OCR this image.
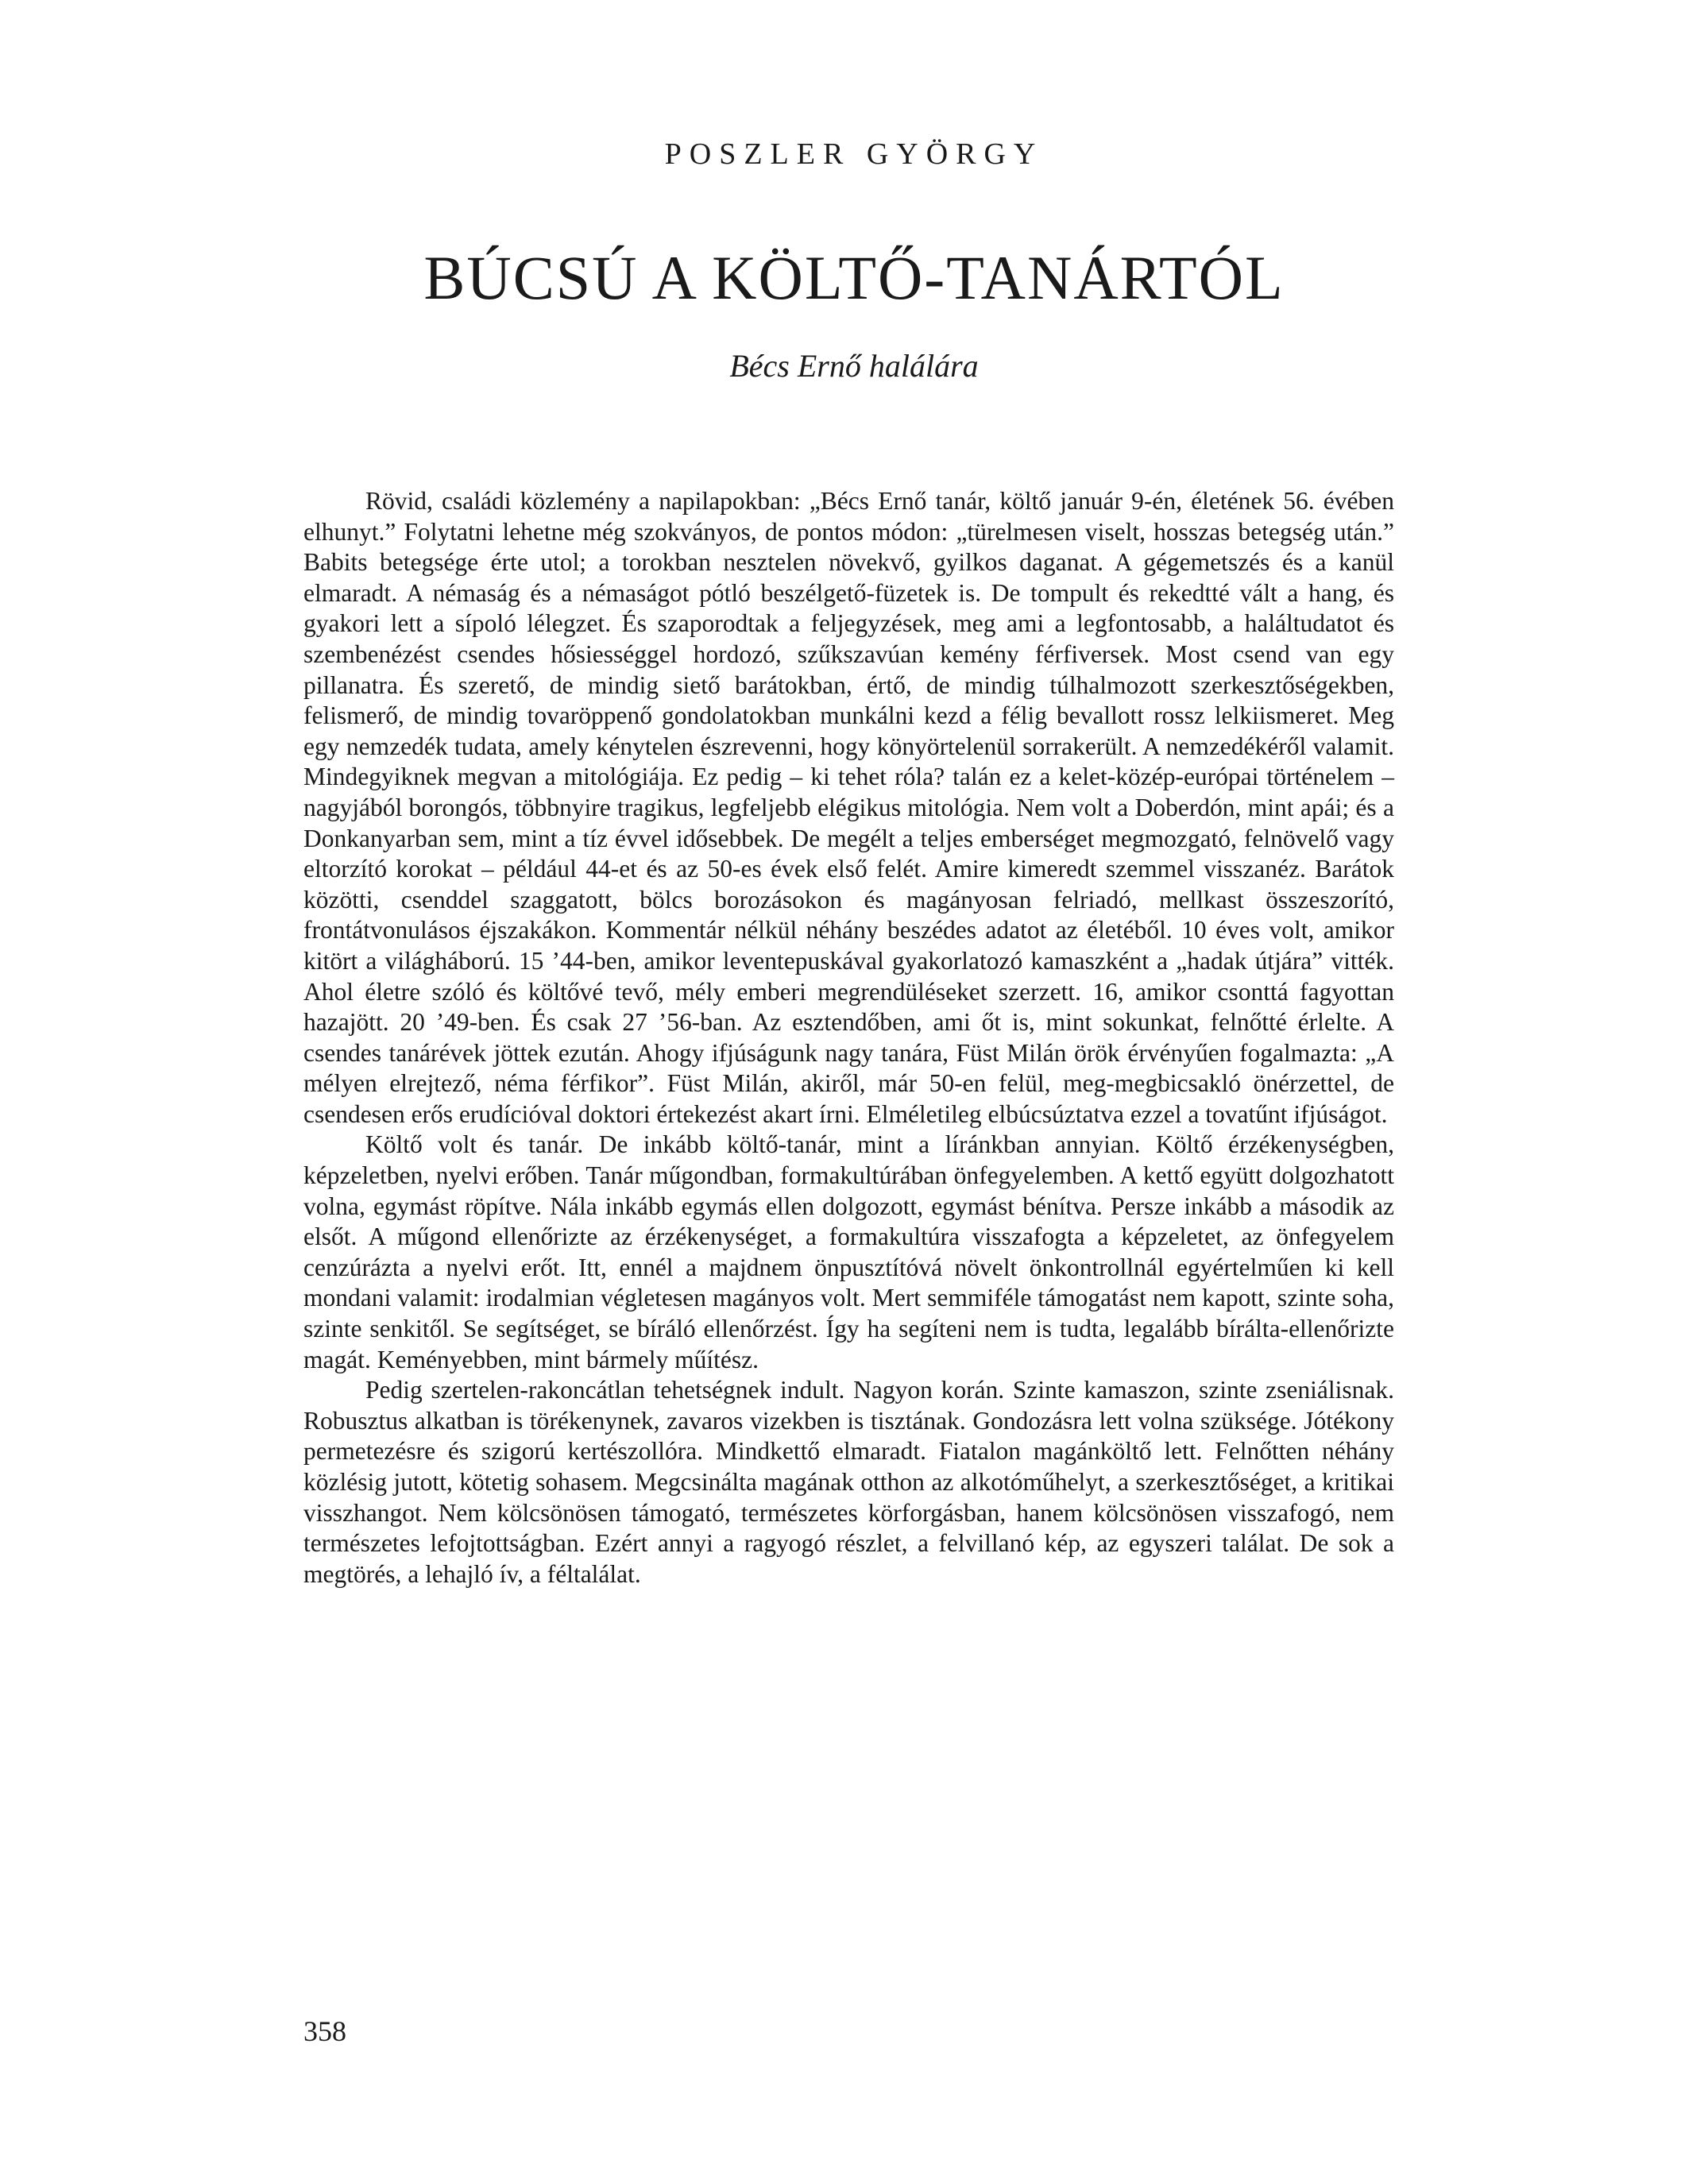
POSZLER GYÖRGY

BÚCSÚ A KÖLTŐ-TANÁRTÓL

Bécs Ernő halálára

Rövid, családi közlemény a napilapokban: „Bécs Ernő tanár, költő január 9-én, életének 56. évében elhunyt.” Folytatni lehetne még szokványos, de pontos módon: „türelmesen viselt, hosszas betegség után.” Babits betegsége érte utol; a torokban nesztelen növekvő, gyilkos daganat. A gégemetszés és a kanül elmaradt. A némaság és a némaságot pótló beszélgető-füzetek is. De tompult és rekedtté vált a hang, és gyakori lett a sípoló lélegzet. És szaporodtak a feljegyzések, meg ami a legfontosabb, a haláltudatot és szembenézést csendes hősiességgel hordozó, szűkszavúan kemény férfiversek. Most csend van egy pillanatra. És szerető, de mindig siető barátokban, értő, de mindig túlhalmozott szerkesztőségekben, felismerő, de mindig tovaröppenő gondolatokban munkálni kezd a félig bevallott rossz lelkiismeret. Meg egy nemzedék tudata, amely kénytelen észrevenni, hogy könyörtelenül sorrakerült. A nemzedékéről valamit. Mindegyiknek megvan a mitológiája. Ez pedig – ki tehet róla? talán ez a kelet-közép-európai történelem – nagyjából borongós, többnyire tragikus, legfeljebb elégikus mitológia. Nem volt a Doberdón, mint apái; és a Donkanyarban sem, mint a tíz évvel idősebbek. De megélt a teljes emberséget megmozgató, felnövelő vagy eltorzító korokat – például 44-et és az 50-es évek első felét. Amire kimeredt szemmel visszanéz. Barátok közötti, csenddel szaggatott, bölcs borozásokon és magányosan felriadó, mellkast összeszorító, frontátvonulásos éjszakákon. Kommentár nélkül néhány beszédes adatot az életéből. 10 éves volt, amikor kitört a világháború. 15 ’44-ben, amikor leventepuskával gyakorlatozó kamaszként a „hadak útjára” vitték. Ahol életre szóló és költővé tevő, mély emberi megrendüléseket szerzett. 16, amikor csonttá fagyottan hazajött. 20 ’49-ben. És csak 27 ’56-ban. Az esztendőben, ami őt is, mint sokunkat, felnőtté érlelte. A csendes tanárévek jöttek ezután. Ahogy ifjúságunk nagy tanára, Füst Milán örök érvényűen fogalmazta: „A mélyen elrejtező, néma férfikor”. Füst Milán, akiről, már 50-en felül, meg-megbicsakló önérzettel, de csendesen erős erudícióval doktori értekezést akart írni. Elméletileg elbúcsúztatva ezzel a tovatűnt ifjúságot.

Költő volt és tanár. De inkább költő-tanár, mint a líránkban annyian. Költő érzékenységben, képzeletben, nyelvi erőben. Tanár műgondban, formakultúrában önfegyelemben. A kettő együtt dolgozhatott volna, egymást röpítve. Nála inkább egymás ellen dolgozott, egymást bénítva. Persze inkább a második az elsőt. A műgond ellenőrizte az érzékenységet, a formakultúra visszafogta a képzeletet, az önfegyelem cenzúrázta a nyelvi erőt. Itt, ennél a majdnem önpusztítóvá növelt önkontrollnál egyértelműen ki kell mondani valamit: irodalmian végletesen magányos volt. Mert semmiféle támogatást nem kapott, szinte soha, szinte senkitől. Se segítséget, se bíráló ellenőrzést. Így ha segíteni nem is tudta, legalább bírálta-ellenőrizte magát. Keményebben, mint bármely műítész.

Pedig szertelen-rakoncátlan tehetségnek indult. Nagyon korán. Szinte kamaszon, szinte zseniálisnak. Robusztus alkatban is törékenynek, zavaros vizekben is tisztának. Gondozásra lett volna szüksége. Jótékony permetezésre és szigorú kertészollóra. Mindkettő elmaradt. Fiatalon magánköltő lett. Felnőtten néhány közlésig jutott, kötetig sohasem. Megcsinálta magának otthon az alkotóműhelyt, a szerkesztőséget, a kritikai visszhangot. Nem kölcsönösen támogató, természetes körforgásban, hanem kölcsönösen visszafogó, nem természetes lefojtottságban. Ezért annyi a ragyogó részlet, a felvillanó kép, az egyszeri találat. De sok a megtörés, a lehajló ív, a féltalálat.

358
